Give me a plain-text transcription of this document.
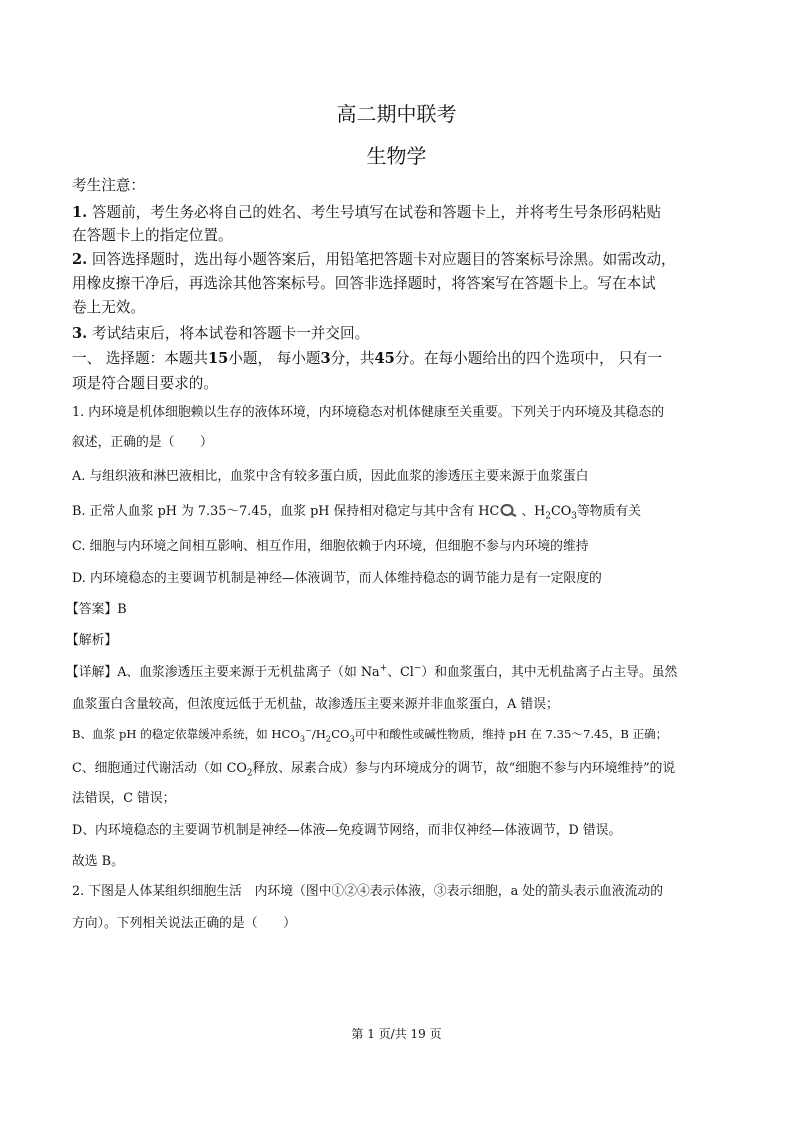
高二期中联考
生物学
考生注意：
1. 答题前，考生务必将自己的姓名、考生号填写在试卷和答题卡上，并将考生号条形码粘贴
在答题卡上的指定位置。
2. 回答选择题时，选出每小题答案后，用铅笔把答题卡对应题目的答案标号涂黑。如需改动，
用橡皮擦干净后，再选涂其他答案标号。回答非选择题时，将答案写在答题卡上。写在本试
卷上无效。
3. 考试结束后，将本试卷和答题卡一并交回。
一、 选择题：本题共15小题， 每小题3分，共45分。在每小题给出的四个选项中， 只有一
项是符合题目要求的。
1. 内环境是机体细胞赖以生存的液体环境，内环境稳态对机体健康至关重要。下列关于内环境及其稳态的
叙述，正确的是（　　）
A. 与组织液和淋巴液相比，血浆中含有较多蛋白质，因此血浆的渗透压主要来源于血浆蛋白
B. 正常人血浆 pH 为 7.35～7.45，血浆 pH 保持相对稳定与其中含有 HC 、$H_2CO_3$等物质有关
C. 细胞与内环境之间相互影响、相互作用，细胞依赖于内环境，但细胞不参与内环境的维持
D. 内环境稳态的主要调节机制是神经—体液调节，而人体维持稳态的调节能力是有一定限度的
【答案】B
【解析】
【详解】A、血浆渗透压主要来源于无机盐离子（如 Na+、Cl−）和血浆蛋白，其中无机盐离子占主导。虽然
血浆蛋白含量较高，但浓度远低于无机盐，故渗透压主要来源并非血浆蛋白，A 错误；
B、血浆 pH 的稳定依靠缓冲系统，如 $HCO_3^-/H_2CO_3$可中和酸性或碱性物质，维持 pH 在 7.35～7.45，B 正确；
C、细胞通过代谢活动（如 $CO_2$释放、尿素合成）参与内环境成分的调节，故“细胞不参与内环境维持”的说
法错误，C 错误；
D、内环境稳态的主要调节机制是神经—体液—免疫调节网络，而非仅神经—体液调节，D 错误。
故选 B。
2. 下图是人体某组织细胞生活　内环境（图中①②④表示体液，③表示细胞，a 处的箭头表示血液流动的
方向）。下列相关说法正确的是（　　）
第 1 页/共 19 页
